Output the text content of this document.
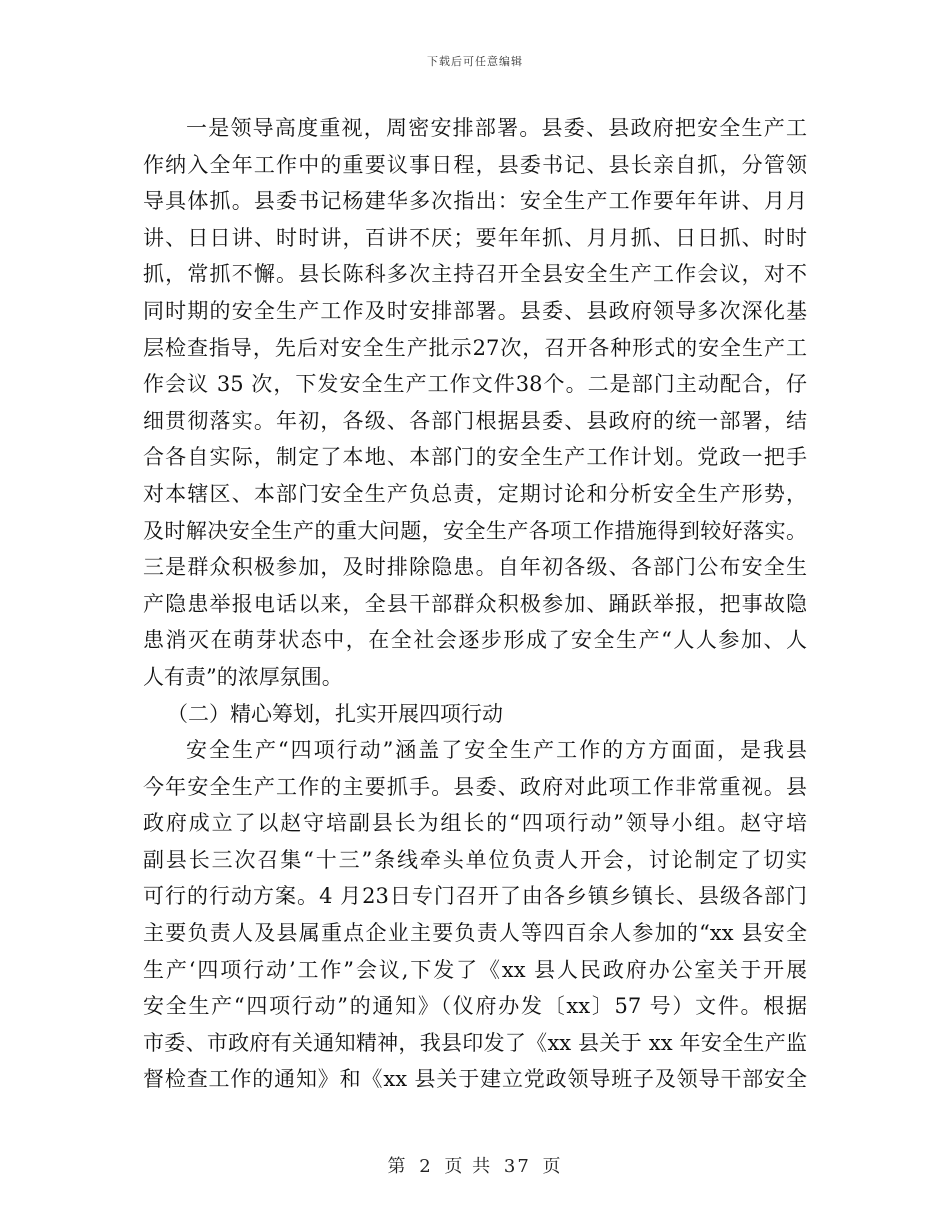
下载后可任意编辑
一是领导高度重视，周密安排部署。县委、县政府把安全生产工
作纳入全年工作中的重要议事日程，县委书记、县长亲自抓，分管领
导具体抓。县委书记杨建华多次指出：安全生产工作要年年讲、月月
讲、日日讲、时时讲，百讲不厌；要年年抓、月月抓、日日抓、时时
抓，常抓不懈。县长陈科多次主持召开全县安全生产工作会议，对不
同时期的安全生产工作及时安排部署。县委、县政府领导多次深化基
层检查指导，先后对安全生产批示27次，召开各种形式的安全生产工
作会议 35 次，下发安全生产工作文件38个。二是部门主动配合，仔
细贯彻落实。年初，各级、各部门根据县委、县政府的统一部署，结
合各自实际，制定了本地、本部门的安全生产工作计划。党政一把手
对本辖区、本部门安全生产负总责，定期讨论和分析安全生产形势，
及时解决安全生产的重大问题，安全生产各项工作措施得到较好落实。
三是群众积极参加，及时排除隐患。自年初各级、各部门公布安全生
产隐患举报电话以来，全县干部群众积极参加、踊跃举报，把事故隐
患消灭在萌芽状态中，在全社会逐步形成了安全生产“人人参加、人
人有责”的浓厚氛围。
（二）精心筹划，扎实开展四项行动
安全生产“四项行动”涵盖了安全生产工作的方方面面，是我县
今年安全生产工作的主要抓手。县委、政府对此项工作非常重视。县
政府成立了以赵守培副县长为组长的“四项行动”领导小组。赵守培
副县长三次召集“十三”条线牵头单位负责人开会，讨论制定了切实
可行的行动方案。4 月23日专门召开了由各乡镇乡镇长、县级各部门
主要负责人及县属重点企业主要负责人等四百余人参加的“xx 县安全
生产‘四项行动’工作”会议,下发了《xx 县人民政府办公室关于开展
安全生产“四项行动”的通知》（仪府办发〔xx〕57 号）文件。根据
市委、市政府有关通知精神，我县印发了《xx 县关于 xx 年安全生产监
督检查工作的通知》和《xx 县关于建立党政领导班子及领导干部安全
第 2 页 共 37 页
